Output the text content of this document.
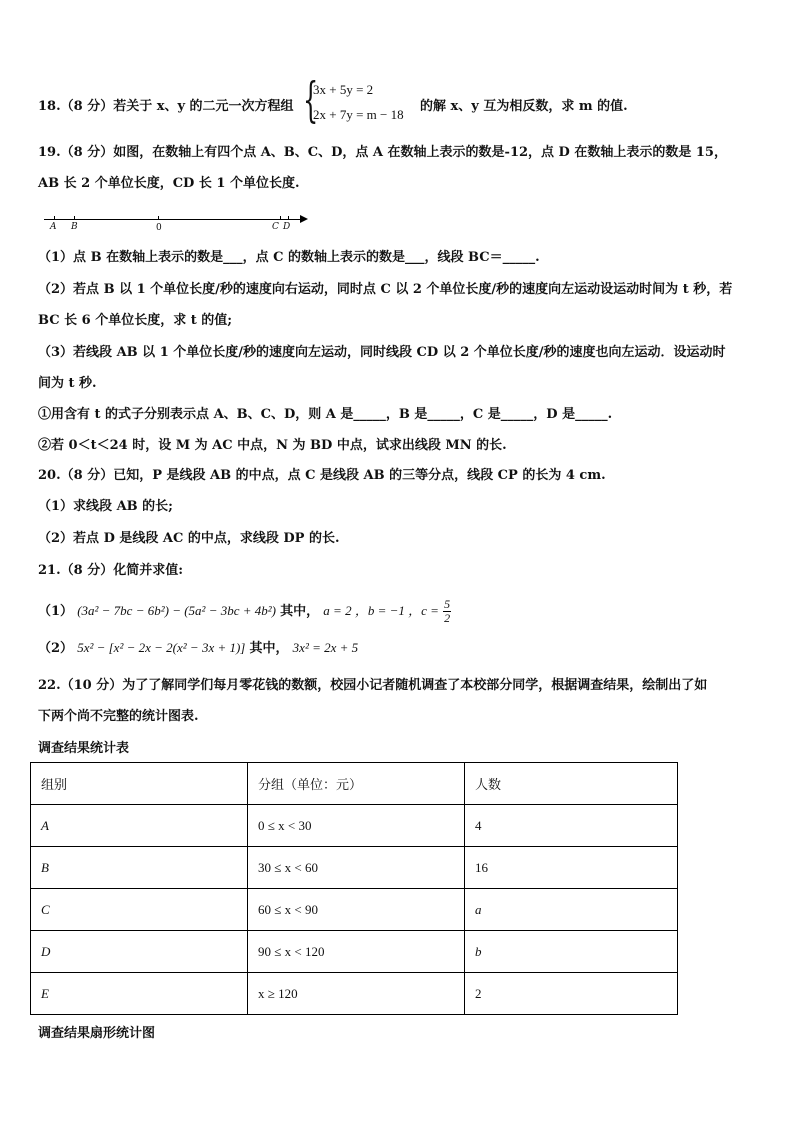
18.（8 分）若关于 x、y 的二元一次方程组 {
3x + 5y = 2
2x + 7y = m − 18
的解 x、y 互为相反数，求 m 的值.
19.（8 分）如图，在数轴上有四个点 A、B、C、D，点 A 在数轴上表示的数是-12，点 D 在数轴上表示的数是 15，
AB 长 2 个单位长度，CD 长 1 个单位长度.
A B	0	C D
（1）点 B 在数轴上表示的数是___，点 C 的数轴上表示的数是___，线段 BC＝_____.
（2）若点 B 以 1 个单位长度/秒的速度向右运动，同时点 C 以 2 个单位长度/秒的速度向左运动设运动时间为 t 秒，若
BC 长 6 个单位长度，求 t 的值;
（3）若线段 AB 以 1 个单位长度/秒的速度向左运动，同时线段 CD 以 2 个单位长度/秒的速度也向左运动．设运动时
间为 t 秒.
①用含有 t 的式子分别表示点 A、B、C、D，则 A 是_____，B 是_____，C 是_____，D 是_____.
②若 0＜t＜24 时，设 M 为 AC 中点，N 为 BD 中点，试求出线段 MN 的长.
20.（8 分）已知，P 是线段 AB 的中点，点 C 是线段 AB 的三等分点，线段 CP 的长为 4 cm.
（1）求线段 AB 的长;
（2）若点 D 是线段 AC 的中点，求线段 DP 的长.
21.（8 分）化简并求值:
（1） (3a² − 7bc − 6b²) − (5a² − 3bc + 4b²) 其中， a = 2 ，b = −1 ，$c = \frac{5}{2}$
（2） 5x² − [x² − 2x − 2(x² − 3x + 1)] 其中， 3x² = 2x + 5
22.（10 分）为了了解同学们每月零花钱的数额，校园小记者随机调查了本校部分同学，根据调查结果，绘制出了如
下两个尚不完整的统计图表.
调查结果统计表
组别	分组（单位：元）	人数
A	0 ≤ x < 30	4
B	30 ≤ x < 60	16
C	60 ≤ x < 90	a
D	90 ≤ x < 120	b
E	x ≥ 120	2
调查结果扇形统计图
